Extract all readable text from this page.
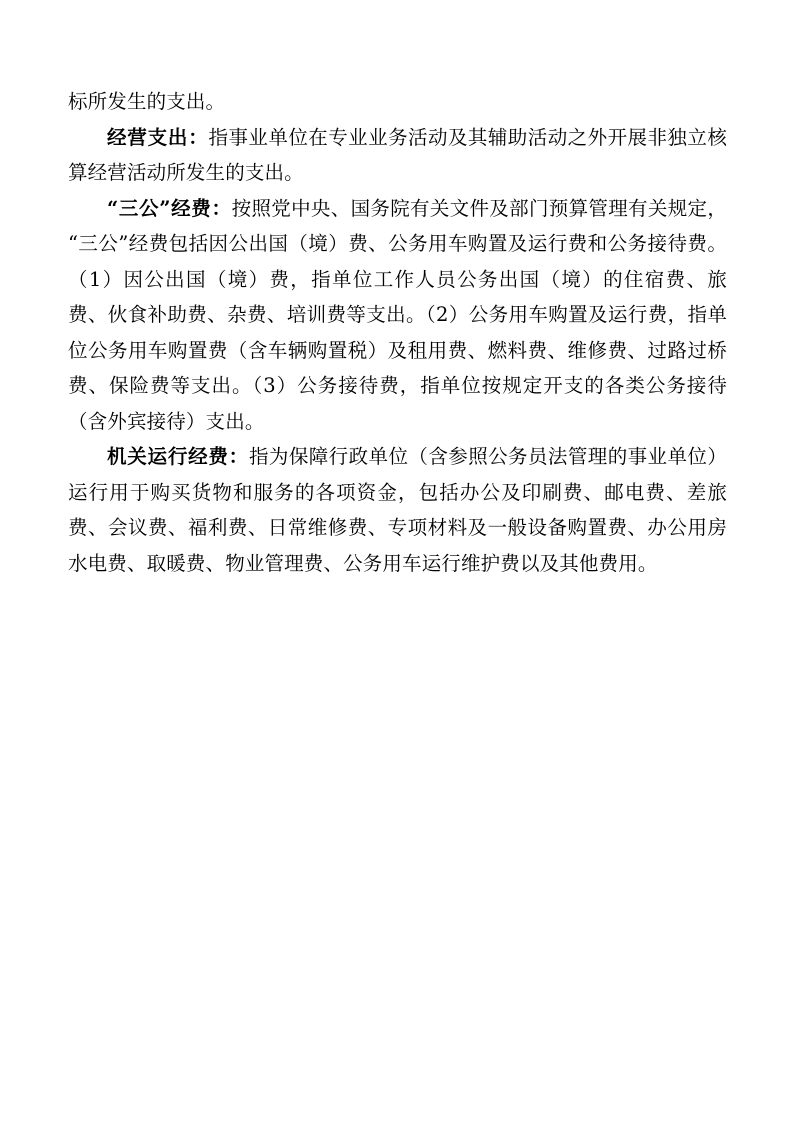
标所发生的支出。

经营支出：指事业单位在专业业务活动及其辅助活动之外开展非独立核算经营活动所发生的支出。

“三公”经费：按照党中央、国务院有关文件及部门预算管理有关规定，“三公”经费包括因公出国（境）费、公务用车购置及运行费和公务接待费。（1）因公出国（境）费，指单位工作人员公务出国（境）的住宿费、旅费、伙食补助费、杂费、培训费等支出。（2）公务用车购置及运行费，指单位公务用车购置费（含车辆购置税）及租用费、燃料费、维修费、过路过桥费、保险费等支出。（3）公务接待费，指单位按规定开支的各类公务接待（含外宾接待）支出。

机关运行经费：指为保障行政单位（含参照公务员法管理的事业单位）运行用于购买货物和服务的各项资金，包括办公及印刷费、邮电费、差旅费、会议费、福利费、日常维修费、专项材料及一般设备购置费、办公用房水电费、取暖费、物业管理费、公务用车运行维护费以及其他费用。
